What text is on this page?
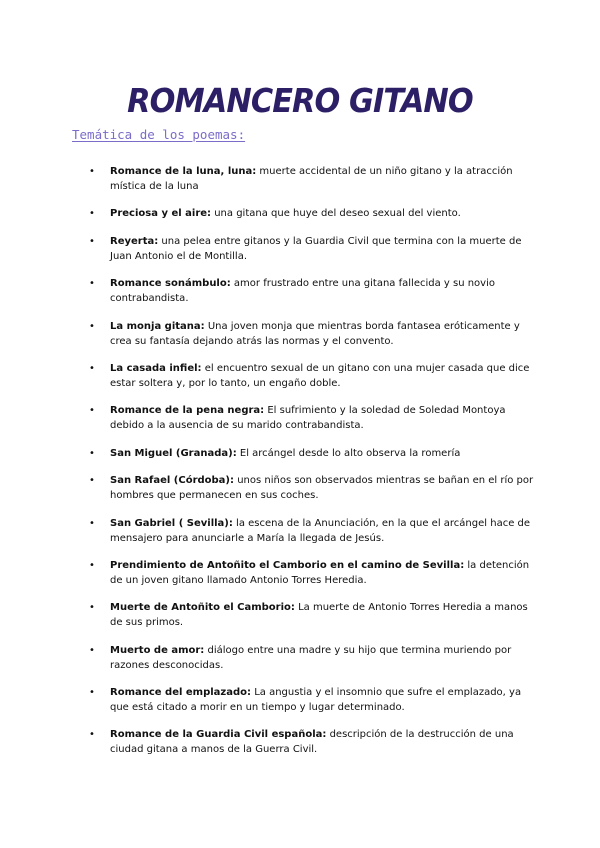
ROMANCERO GITANO
Temática de los poemas:
• Romance de la luna, luna: muerte accidental de un niño gitano y la atracción mística de la luna
• Preciosa y el aire: una gitana que huye del deseo sexual del viento.
• Reyerta: una pelea entre gitanos y la Guardia Civil que termina con la muerte de Juan Antonio el de Montilla.
• Romance sonámbulo: amor frustrado entre una gitana fallecida y su novio contrabandista.
• La monja gitana: Una joven monja que mientras borda fantasea eróticamente y crea su fantasía dejando atrás las normas y el convento.
• La casada infiel: el encuentro sexual de un gitano con una mujer casada que dice estar soltera y, por lo tanto, un engaño doble.
• Romance de la pena negra: El sufrimiento y la soledad de Soledad Montoya debido a la ausencia de su marido contrabandista.
• San Miguel (Granada): El arcángel desde lo alto observa la romería
• San Rafael (Córdoba): unos niños son observados mientras se bañan en el río por hombres que permanecen en sus coches.
• San Gabriel ( Sevilla): la escena de la Anunciación, en la que el arcángel hace de mensajero para anunciarle a María la llegada de Jesús.
• Prendimiento de Antoñito el Camborio en el camino de Sevilla: la detención de un joven gitano llamado Antonio Torres Heredia.
• Muerte de Antoñito el Camborio: La muerte de Antonio Torres Heredia a manos de sus primos.
• Muerto de amor: diálogo entre una madre y su hijo que termina muriendo por razones desconocidas.
• Romance del emplazado: La angustia y el insomnio que sufre el emplazado, ya que está citado a morir en un tiempo y lugar determinado.
• Romance de la Guardia Civil española: descripción de la destrucción de una ciudad gitana a manos de la Guerra Civil.
